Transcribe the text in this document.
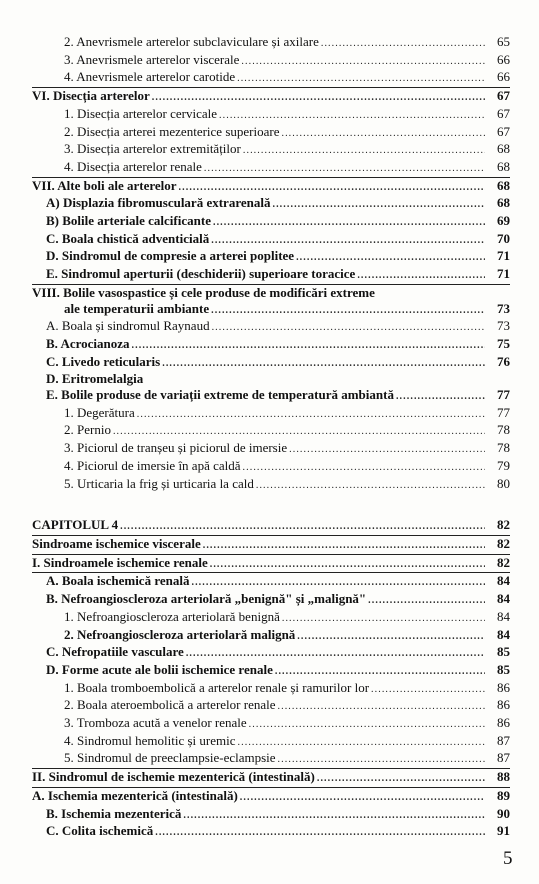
2. Anevrismele arterelor subclaviculare și axilare .....	65
3. Anevrismele arterelor viscerale .....	66
4. Anevrismele arterelor carotide .....	66
VI. Disecția arterelor .....	67
1. Disecția arterelor cervicale .....	67
2. Disecția arterei mezenterice superioare .....	67
3. Disecția arterelor extremităților .....	68
4. Disecția arterelor renale .....	68
VII. Alte boli ale arterelor .....	68
A) Displazia fibromusculară extrarenală .....	68
B) Bolile arteriale calcificante .....	69
C. Boala chistică adventicială .....	70
D. Sindromul de compresie a arterei poplitee .....	71
E. Sindromul aperturii (deschiderii) superioare toracice .....	71
VIII. Bolile vasospastice și cele produse de modificări extreme
ale temperaturii ambiante .....	73
A. Boala și sindromul Raynaud .....	73
B. Acrocianoza .....	75
C. Livedo reticularis .....	76
D. Eritromelalgia
E. Bolile produse de variații extreme de temperatură ambiantă .....	77
1. Degerătura .....	77
2. Pernio .....	78
3. Piciorul de tranșeu și piciorul de imersie .....	78
4. Piciorul de imersie în apă caldă .....	79
5. Urticaria la frig și urticaria la cald .....	80
CAPITOLUL 4 .....	82
Sindroame ischemice viscerale .....	82
I. Sindroamele ischemice renale .....	82
A. Boala ischemică renală .....	84
B. Nefroangioscleroza arteriolară „benignă" și „malignă" .....	84
1. Nefroangioscleroza arteriolară benignă .....	84
2. Nefroangioscleroza arteriolară malignă .....	84
C. Nefropatiile vasculare .....	85
D. Forme acute ale bolii ischemice renale .....	85
1. Boala tromboembolică a arterelor renale și ramurilor lor .....	86
2. Boala ateroembolică a arterelor renale .....	86
3. Tromboza acută a venelor renale .....	86
4. Sindromul hemolitic și uremic .....	87
5. Sindromul de preeclampsie-eclampsie .....	87
II. Sindromul de ischemie mezenterică (intestinală) .....	88
A. Ischemia mezenterică (intestinală) .....	89
B. Ischemia mezenterică .....	90
C. Colita ischemică .....	91
5
